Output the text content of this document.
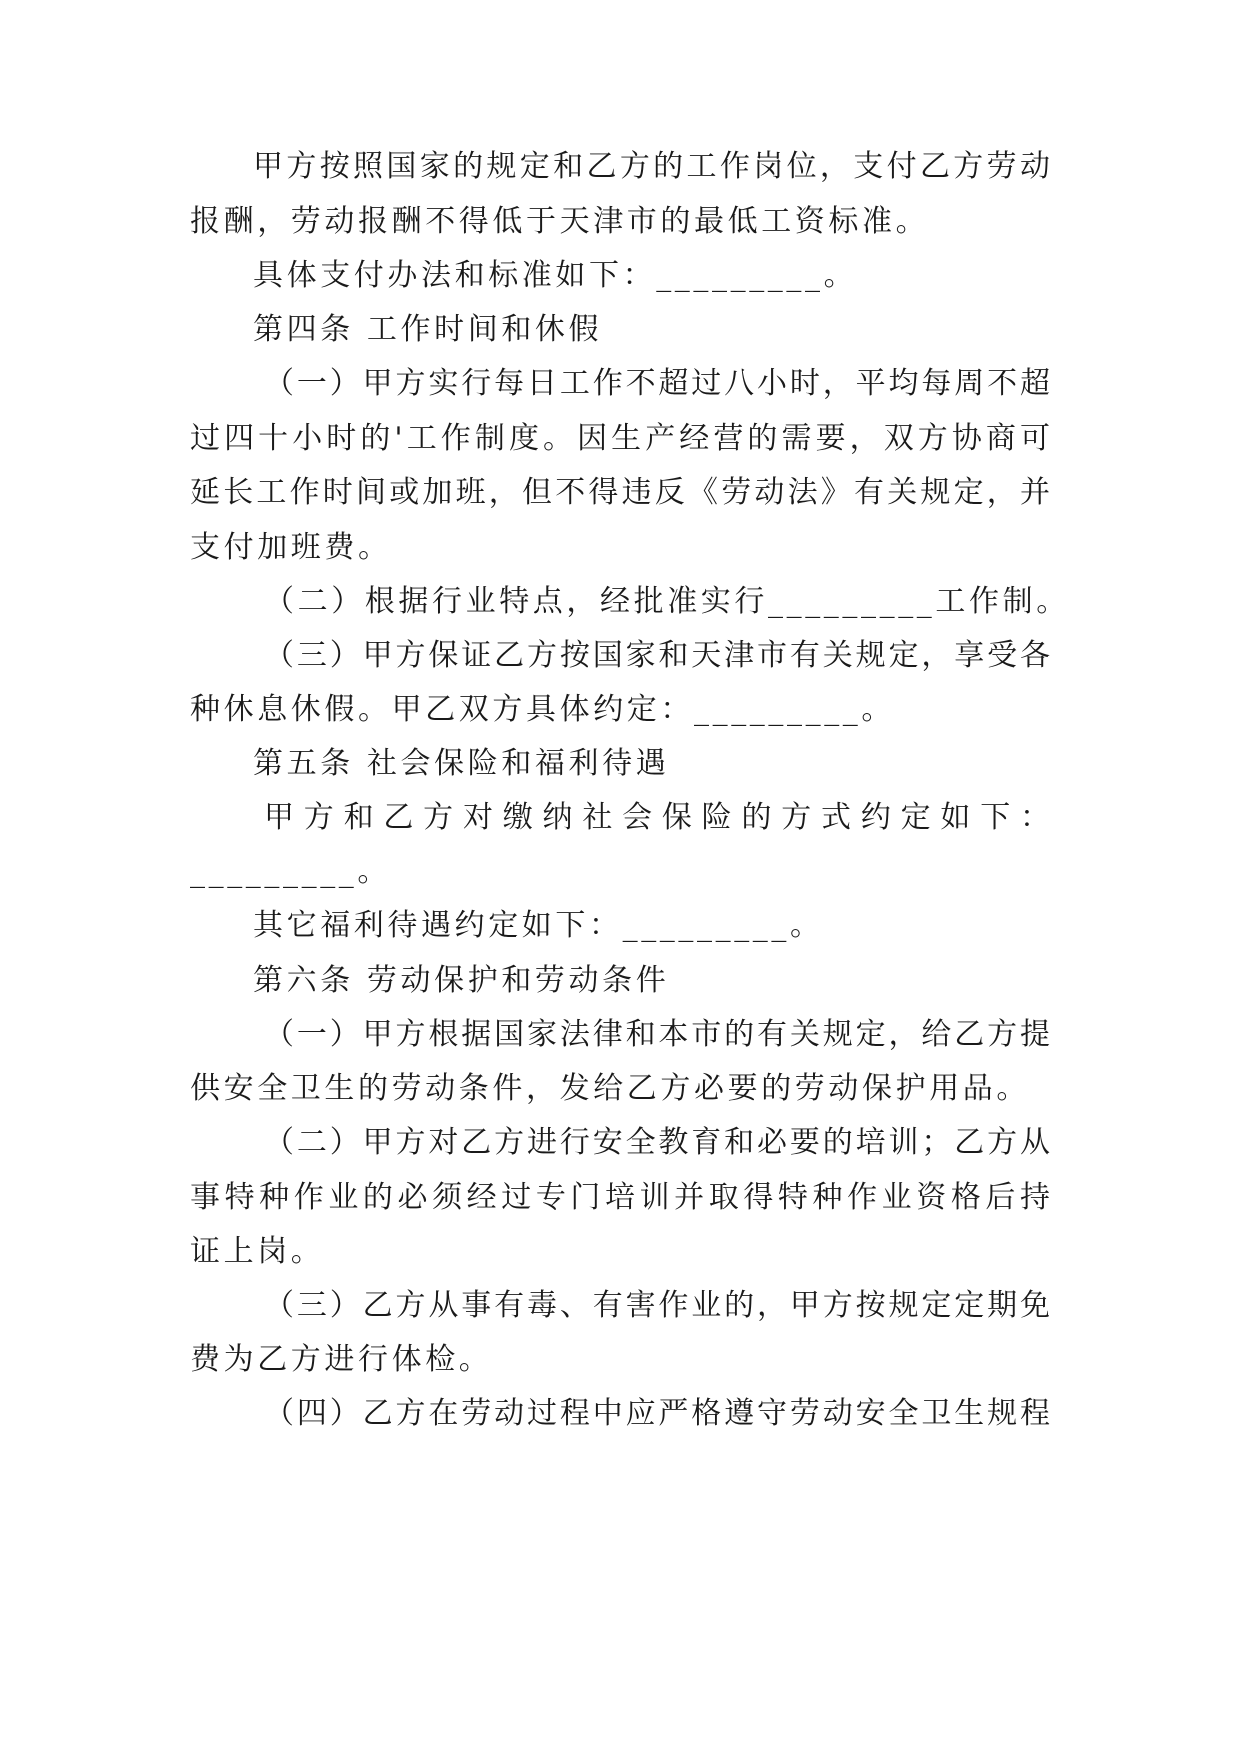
甲方按照国家的规定和乙方的工作岗位，支付乙方劳动
报酬，劳动报酬不得低于天津市的最低工资标准。
具体支付办法和标准如下：_________。
第四条 工作时间和休假
（一）甲方实行每日工作不超过八小时，平均每周不超
过四十小时的'工作制度。因生产经营的需要，双方协商可
延长工作时间或加班，但不得违反《劳动法》有关规定，并
支付加班费。
（二）根据行业特点，经批准实行_________工作制。
（三）甲方保证乙方按国家和天津市有关规定，享受各
种休息休假。甲乙双方具体约定：_________。
第五条 社会保险和福利待遇
甲方和乙方对缴纳社会保险的方式约定如下：
_________。
其它福利待遇约定如下：_________。
第六条 劳动保护和劳动条件
（一）甲方根据国家法律和本市的有关规定，给乙方提
供安全卫生的劳动条件，发给乙方必要的劳动保护用品。
（二）甲方对乙方进行安全教育和必要的培训；乙方从
事特种作业的必须经过专门培训并取得特种作业资格后持
证上岗。
（三）乙方从事有毒、有害作业的，甲方按规定定期免
费为乙方进行体检。
（四）乙方在劳动过程中应严格遵守劳动安全卫生规程
